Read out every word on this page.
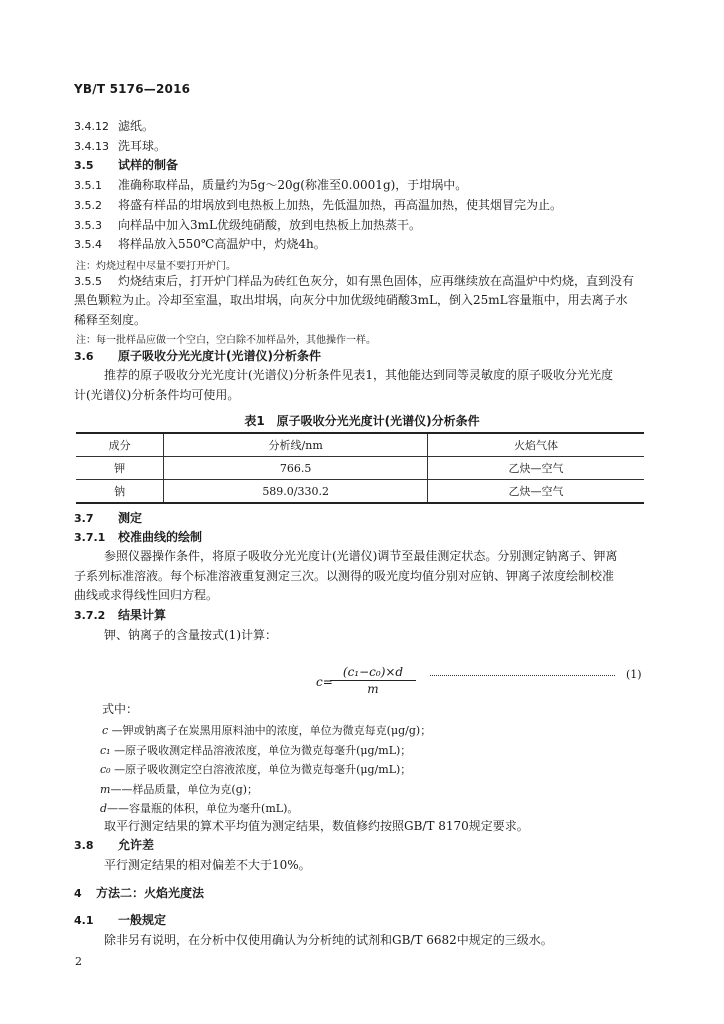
YB/T 5176—2016
3.4.12 滤纸。
3.4.13 洗耳球。
3.5 试样的制备
3.5.1 准确称取样品，质量约为5g～20g(称准至0.0001g)，于坩埚中。
3.5.2 将盛有样品的坩埚放到电热板上加热，先低温加热，再高温加热，使其烟冒完为止。
3.5.3 向样品中加入3mL优级纯硝酸，放到电热板上加热蒸干。
3.5.4 将样品放入550℃高温炉中，灼烧4h。
注：灼烧过程中尽量不要打开炉门。
3.5.5 灼烧结束后，打开炉门样品为砖红色灰分，如有黑色固体，应再继续放在高温炉中灼烧，直到没有
黑色颗粒为止。冷却至室温，取出坩埚，向灰分中加优级纯硝酸3mL，倒入25mL容量瓶中，用去离子水
稀释至刻度。
注：每一批样品应做一个空白，空白除不加样品外，其他操作一样。
3.6 原子吸收分光光度计(光谱仪)分析条件
推荐的原子吸收分光光度计(光谱仪)分析条件见表1，其他能达到同等灵敏度的原子吸收分光光度
计(光谱仪)分析条件均可使用。
表1　原子吸收分光光度计(光谱仪)分析条件
成分	分析线/nm	火焰气体
钾	766.5	乙炔—空气
钠	589.0/330.2	乙炔—空气
3.7 测定
3.7.1 校准曲线的绘制
参照仪器操作条件，将原子吸收分光光度计(光谱仪)调节至最佳测定状态。分别测定钠离子、钾离
子系列标准溶液。每个标准溶液重复测定三次。以测得的吸光度均值分别对应钠、钾离子浓度绘制校准
曲线或求得线性回归方程。
3.7.2 结果计算
钾、钠离子的含量按式(1)计算：
c=
$\frac{\text{(c₁−c₀)×d}}{m}$	(1)
式中：
c —钾或钠离子在炭黑用原料油中的浓度，单位为微克每克(μg/g)；
c₁ —原子吸收测定样品溶液浓度，单位为微克每毫升(μg/mL)；
c₀ —原子吸收测定空白溶液浓度，单位为微克每毫升(μg/mL)；
m——样品质量，单位为克(g)；
d——容量瓶的体积，单位为毫升(mL)。
取平行测定结果的算术平均值为测定结果，数值修约按照GB/T 8170规定要求。
3.8 允许差
平行测定结果的相对偏差不大于10%。
4 方法二：火焰光度法
4.1 一般规定
除非另有说明，在分析中仅使用确认为分析纯的试剂和GB/T 6682中规定的三级水。
2
